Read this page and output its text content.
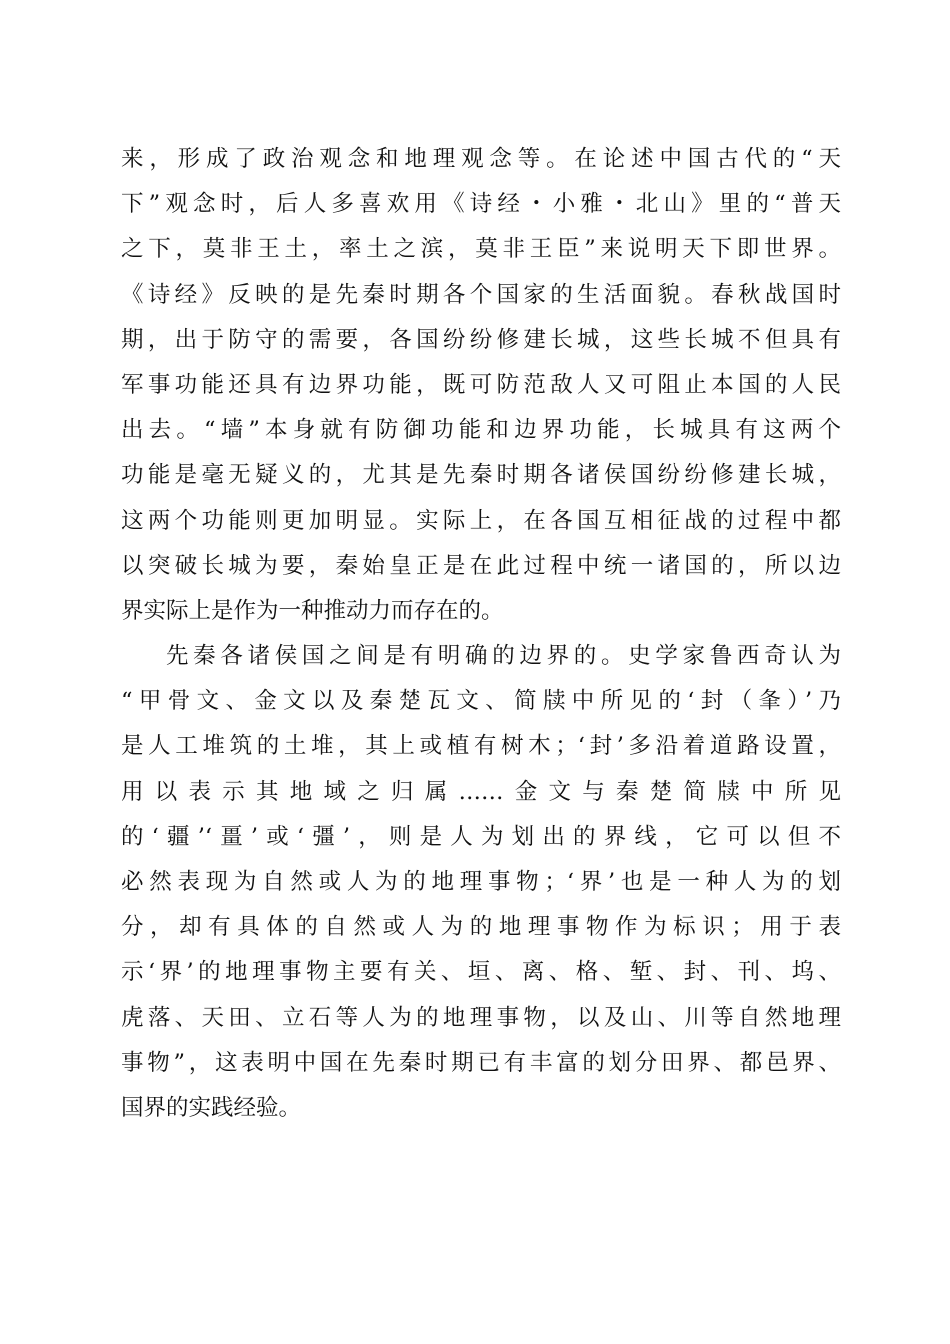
来，形成了政治观念和地理观念等。在论述中国古代的“天
下”观念时，后人多喜欢用《诗经・小雅・北山》里的“普天
之下，莫非王土，率土之滨，莫非王臣”来说明天下即世界。
《诗经》反映的是先秦时期各个国家的生活面貌。春秋战国时
期，出于防守的需要，各国纷纷修建长城，这些长城不但具有
军事功能还具有边界功能，既可防范敌人又可阻止本国的人民
出去。“墙”本身就有防御功能和边界功能，长城具有这两个
功能是毫无疑义的，尤其是先秦时期各诸侯国纷纷修建长城，
这两个功能则更加明显。实际上，在各国互相征战的过程中都
以突破长城为要，秦始皇正是在此过程中统一诸国的，所以边
界实际上是作为一种推动力而存在的。
先秦各诸侯国之间是有明确的边界的。史学家鲁西奇认为
“甲骨文、金文以及秦楚瓦文、简牍中所见的‘封（夆）’乃
是人工堆筑的土堆，其上或植有树木；‘封’多沿着道路设置，
用以表示其地域之归属……金文与秦楚简牍中所见
的‘疆’‘畺’或‘彊’，则是人为划出的界线，它可以但不
必然表现为自然或人为的地理事物；‘界’也是一种人为的划
分，却有具体的自然或人为的地理事物作为标识；用于表
示‘界’的地理事物主要有关、垣、离、格、堑、封、刊、坞、
虎落、天田、立石等人为的地理事物，以及山、川等自然地理
事物”，这表明中国在先秦时期已有丰富的划分田界、都邑界、
国界的实践经验。
